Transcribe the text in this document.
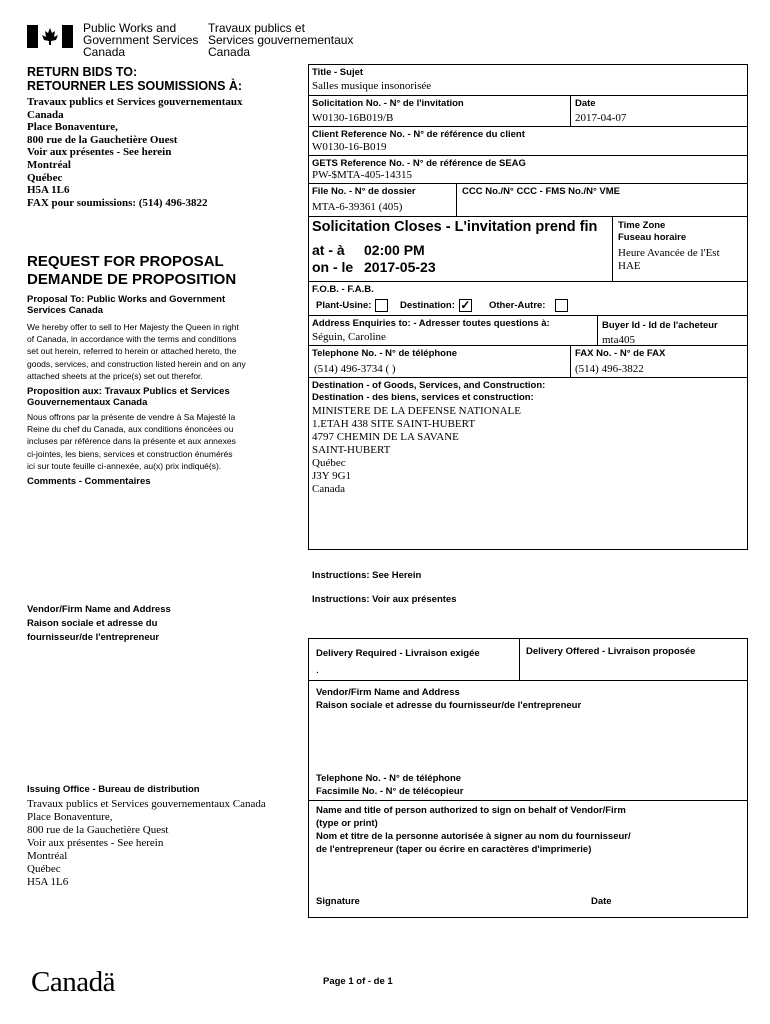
Public Works and
Government Services
Canada
Travaux publics et
Services gouvernementaux
Canada
RETURN BIDS TO:
RETOURNER LES SOUMISSIONS À:
Travaux publics et Services gouvernementaux
Canada
Place Bonaventure,
800 rue de la Gauchetière Ouest
Voir aux présentes - See herein
Montréal
Québec
H5A 1L6
FAX pour soumissions: (514) 496-3822
REQUEST FOR PROPOSAL
DEMANDE DE PROPOSITION
Proposal To: Public Works and Government Services Canada
We hereby offer to sell to Her Majesty the Queen in right
of Canada, in accordance with the terms and conditions
set out herein, referred to herein or attached hereto, the
goods, services, and construction listed herein and on any
attached sheets at the price(s) set out therefor.
Proposition aux: Travaux Publics et Services Gouvernementaux Canada
Nous offrons par la présente de vendre à Sa Majesté la
Reine du chef du Canada, aux conditions énoncées ou
incluses par référence dans la présente et aux annexes
ci-jointes, les biens, services et construction énumérés
ici sur toute feuille ci-annexée, au(x) prix indiqué(s).
Comments - Commentaires
Vendor/Firm Name and Address
Raison sociale et adresse du
fournisseur/de l'entrepreneur
Issuing Office - Bureau de distribution
Travaux publics et Services gouvernementaux Canada
Place Bonaventure,
800 rue de la Gauchetière Quest
Voir aux présentes - See herein
Montréal
Québec
H5A 1L6
Title - Sujet
Salles musique insonorisée
Solicitation No. - N° de l'invitation
W0130-16B019/B
Date
2017-04-07
Client Reference No. - N° de référence du client
W0130-16-B019
GETS Reference No. - N° de référence de SEAG
PW-$MTA-405-14315
File No. - N° de dossier
MTA-6-39361 (405)
CCC No./N° CCC - FMS No./N° VME
Solicitation Closes - L'invitation prend fin
at - à 02:00 PM
on - le 2017-05-23
Time Zone
Fuseau horaire
Heure Avancée de l'Est
HAE
F.O.B. - F.A.B.
Plant-Usine:	Destination: ✓ Other-Autre:
Address Enquiries to: - Adresser toutes questions à:
Séguin, Caroline
Buyer Id - Id de l'acheteur
mta405
Telephone No. - N° de téléphone
(514) 496-3734 ( )
FAX No. - N° de FAX
(514) 496-3822
Destination - of Goods, Services, and Construction:
Destination - des biens, services et construction:
MINISTERE DE LA DEFENSE NATIONALE
1.ETAH 438 SITE SAINT-HUBERT
4797 CHEMIN DE LA SAVANE
SAINT-HUBERT
Québec
J3Y 9G1
Canada
Instructions: See Herein
Instructions: Voir aux présentes
Delivery Required - Livraison exigée
.
Delivery Offered - Livraison proposée
Vendor/Firm Name and Address
Raison sociale et adresse du fournisseur/de l'entrepreneur
Telephone No. - N° de téléphone
Facsimile No. - N° de télécopieur
Name and title of person authorized to sign on behalf of Vendor/Firm
(type or print)
Nom et titre de la personne autorisée à signer au nom du fournisseur/
de l'entrepreneur (taper ou écrire en caractères d'imprimerie)
Signature	Date
Canadä	Page 1 of - de 1
